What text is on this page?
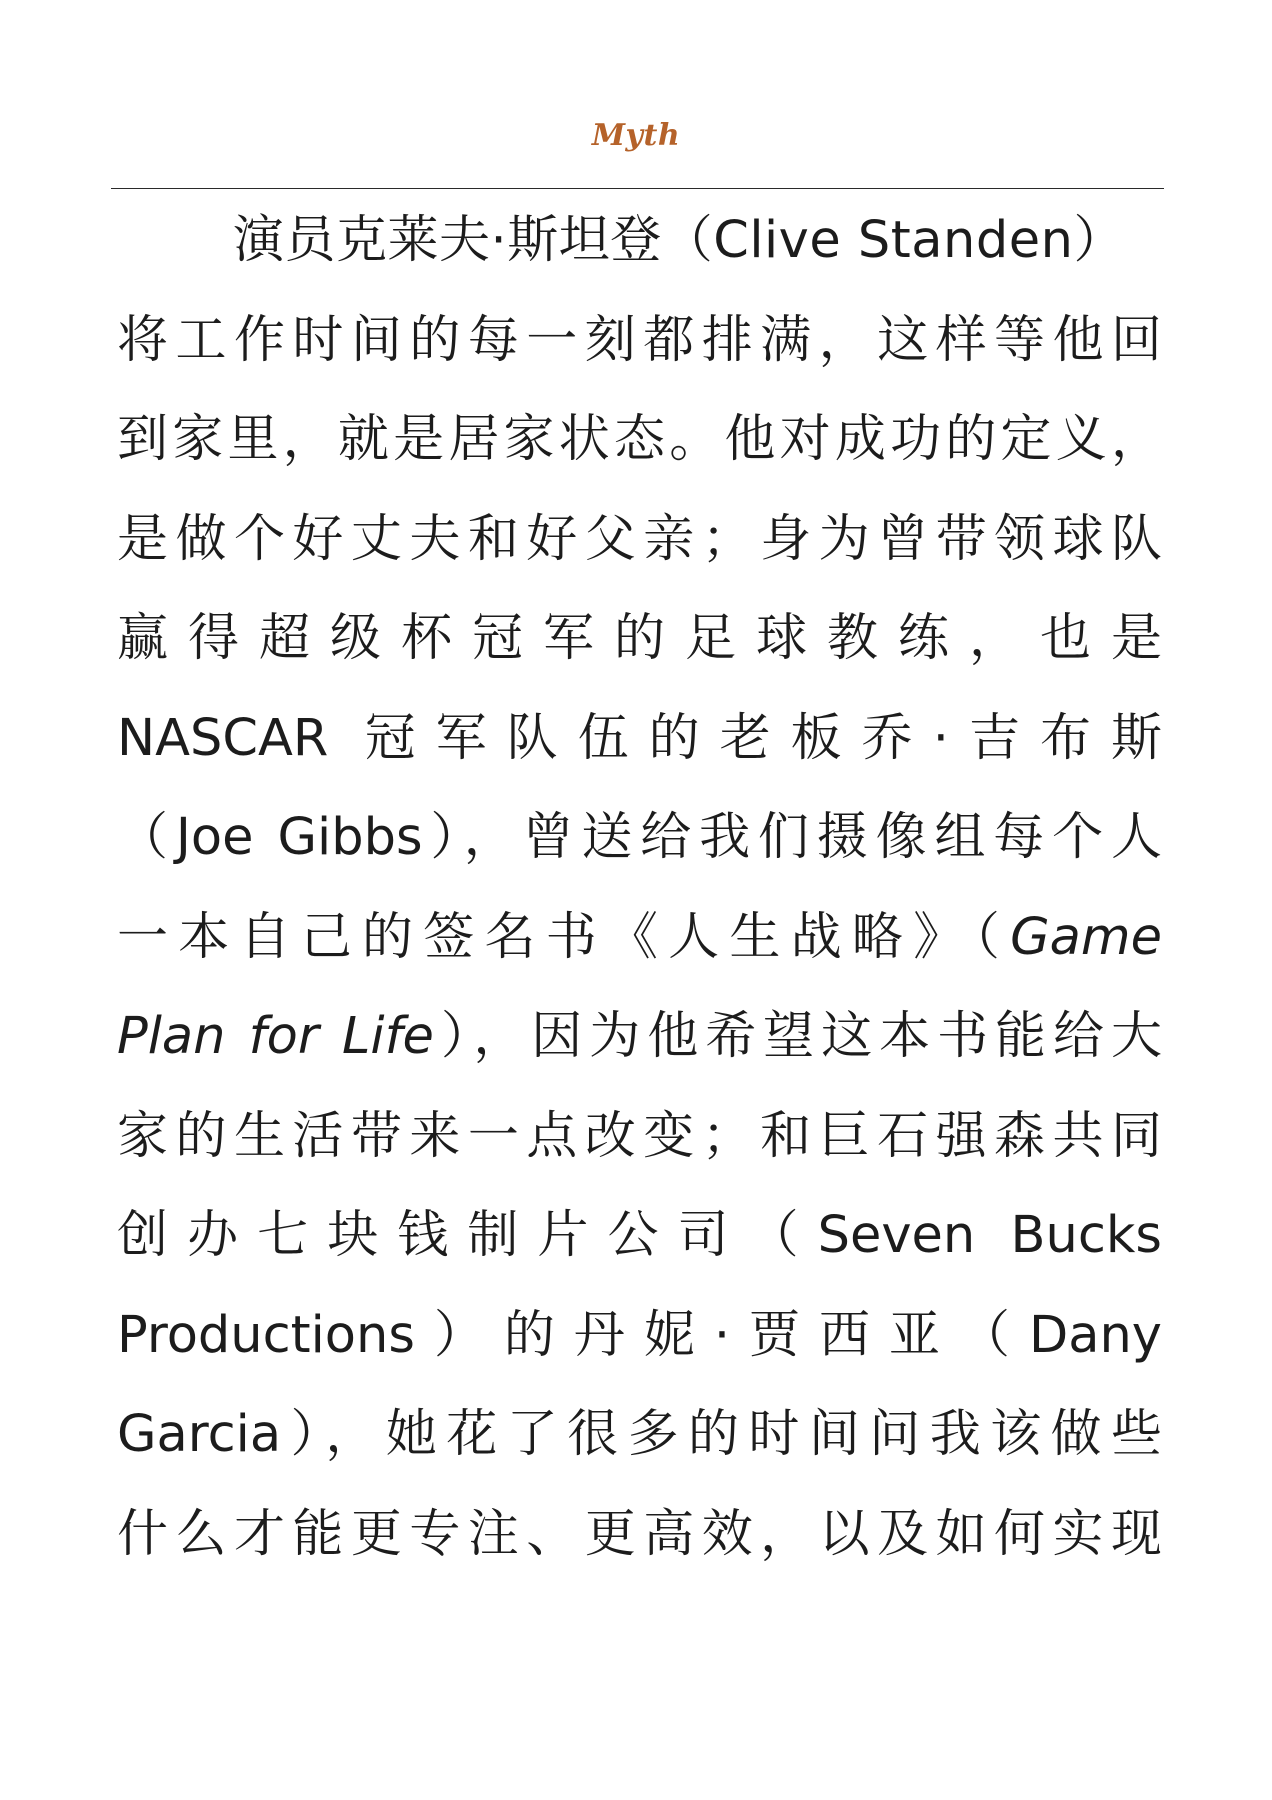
Myth
演员克莱夫·斯坦登（Clive Standen）
将工作时间的每一刻都排满，这样等他回
到家里，就是居家状态。他对成功的定义，
是做个好丈夫和好父亲；身为曾带领球队
赢得超级杯冠军的足球教练，也是
NASCAR 冠军队伍的老板乔·吉布斯
（Joe Gibbs），曾送给我们摄像组每个人
一本自己的签名书《人生战略》（Game
Plan for Life），因为他希望这本书能给大
家的生活带来一点改变；和巨石强森共同
创办七块钱制片公司（Seven Bucks
Productions）的丹妮·贾西亚（Dany
Garcia），她花了很多的时间问我该做些
什么才能更专注、更高效，以及如何实现
